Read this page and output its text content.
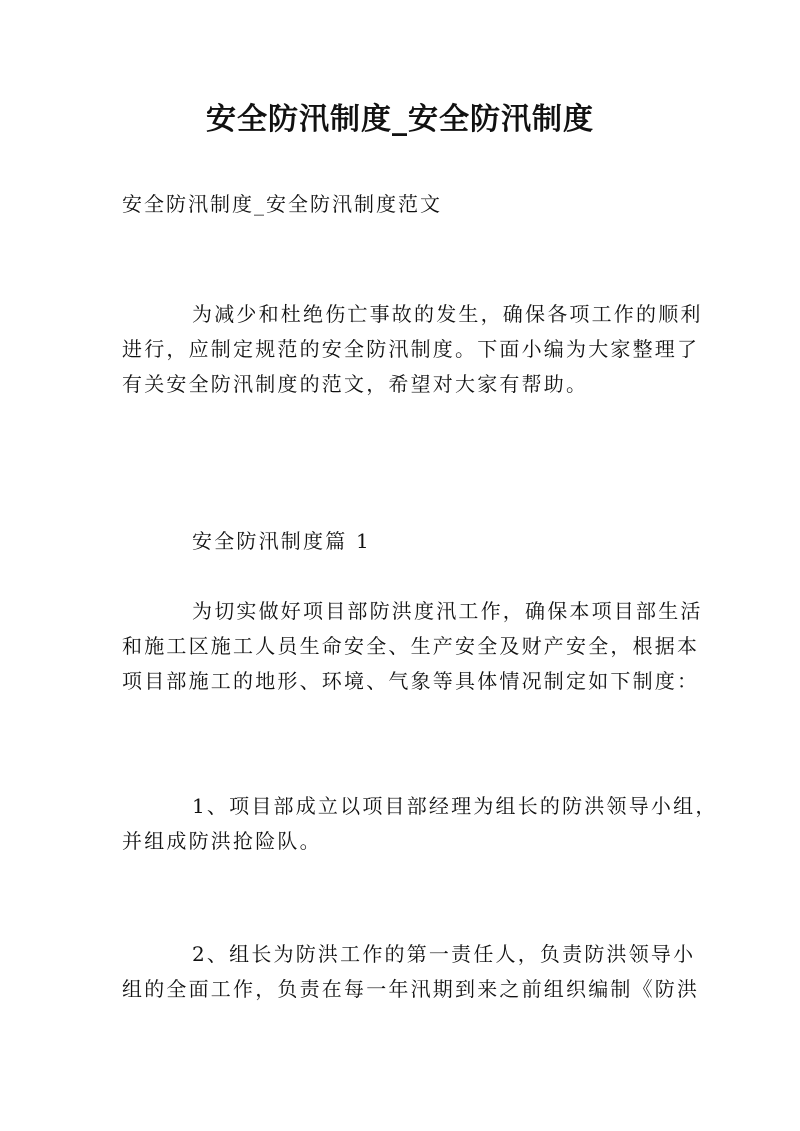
安全防汛制度_安全防汛制度
安全防汛制度_安全防汛制度范文
为减少和杜绝伤亡事故的发生，确保各项工作的顺利
进行，应制定规范的安全防汛制度。下面小编为大家整理了
有关安全防汛制度的范文，希望对大家有帮助。
安全防汛制度篇 1
为切实做好项目部防洪度汛工作，确保本项目部生活
和施工区施工人员生命安全、生产安全及财产安全，根据本
项目部施工的地形、环境、气象等具体情况制定如下制度：
1、项目部成立以项目部经理为组长的防洪领导小组，
并组成防洪抢险队。
2、组长为防洪工作的第一责任人，负责防洪领导小
组的全面工作，负责在每一年汛期到来之前组织编制《防洪
